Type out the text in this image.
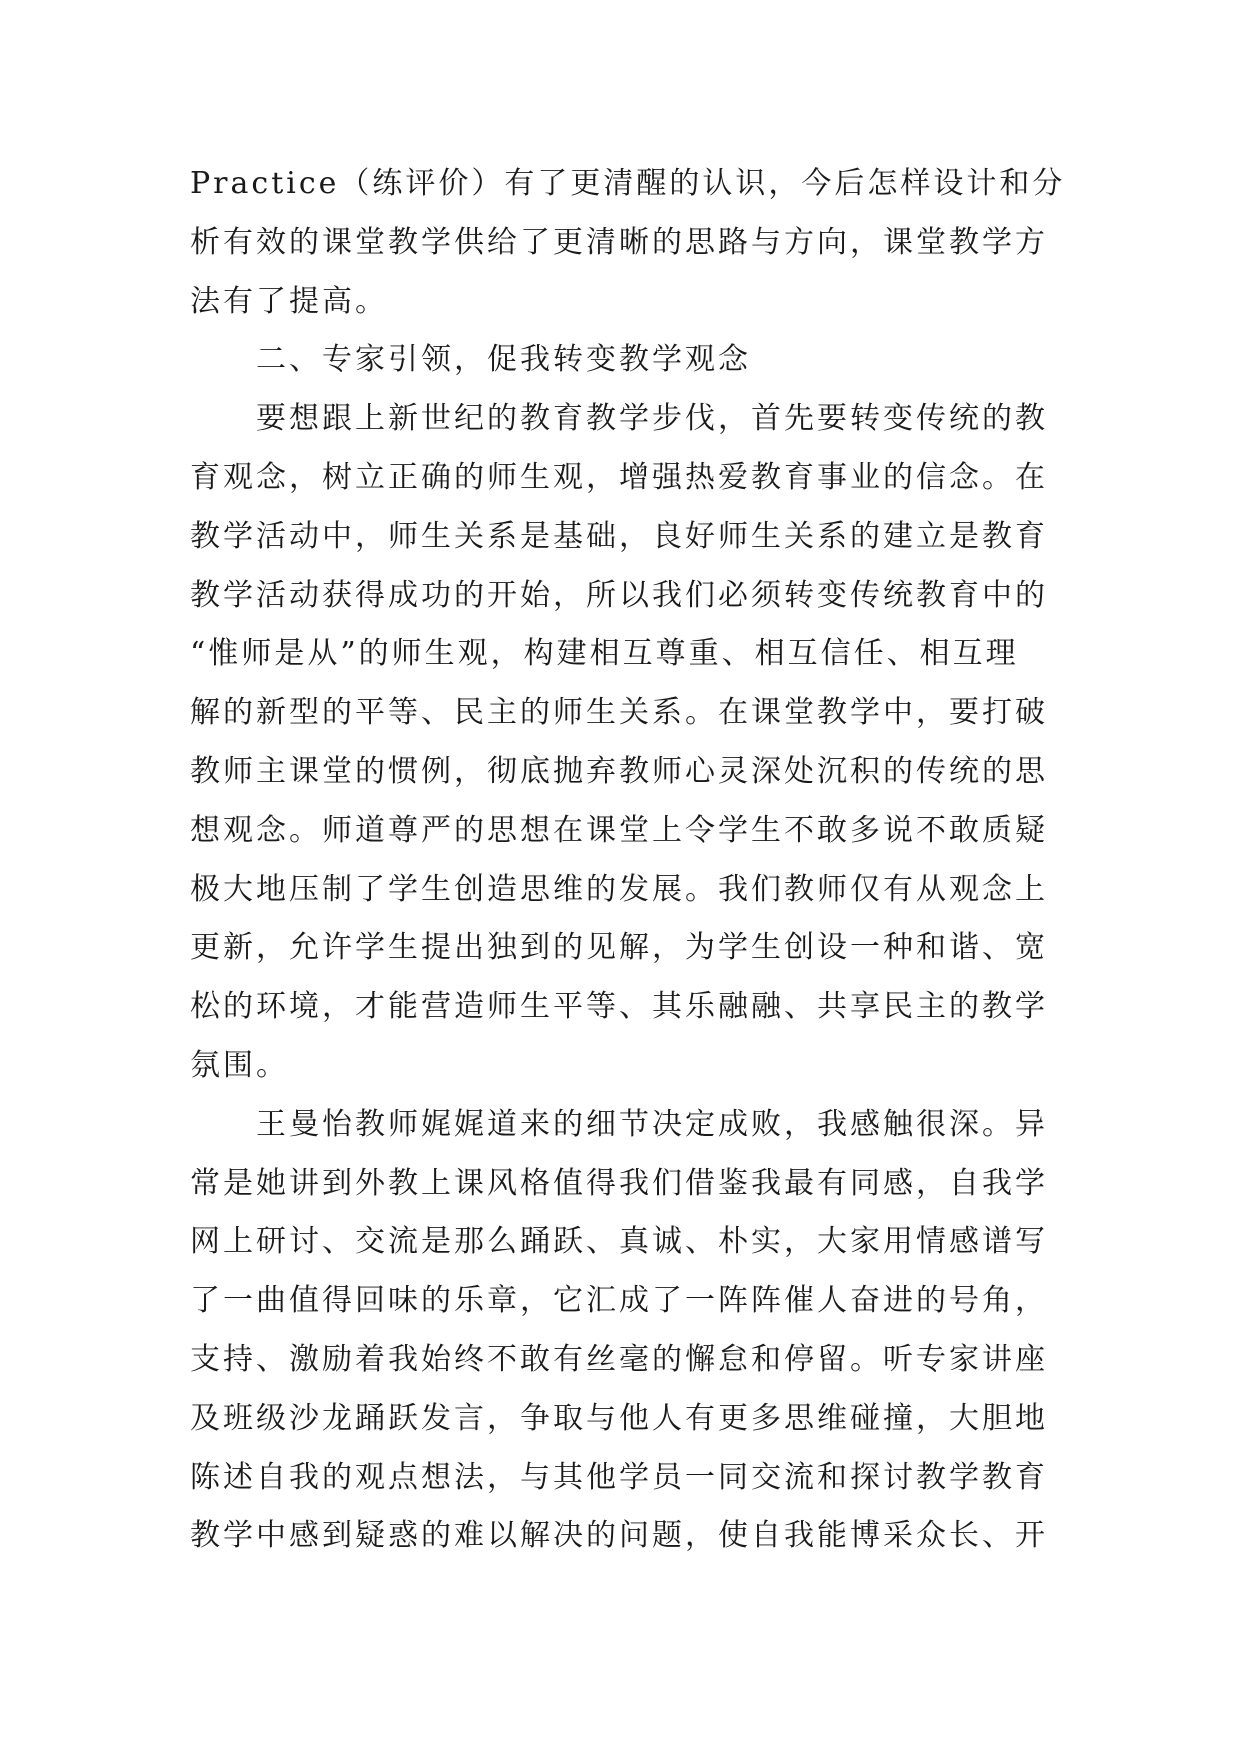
Practice（练评价）有了更清醒的认识，今后怎样设计和分
析有效的课堂教学供给了更清晰的思路与方向，课堂教学方
法有了提高。
二、专家引领，促我转变教学观念
要想跟上新世纪的教育教学步伐，首先要转变传统的教
育观念，树立正确的师生观，增强热爱教育事业的信念。在
教学活动中，师生关系是基础，良好师生关系的建立是教育
教学活动获得成功的开始，所以我们必须转变传统教育中的
“惟师是从”的师生观，构建相互尊重、相互信任、相互理
解的新型的平等、民主的师生关系。在课堂教学中，要打破
教师主课堂的惯例，彻底抛弃教师心灵深处沉积的传统的思
想观念。师道尊严的思想在课堂上令学生不敢多说不敢质疑
极大地压制了学生创造思维的发展。我们教师仅有从观念上
更新，允许学生提出独到的见解，为学生创设一种和谐、宽
松的环境，才能营造师生平等、其乐融融、共享民主的教学
氛围。
王曼怡教师娓娓道来的细节决定成败，我感触很深。异
常是她讲到外教上课风格值得我们借鉴我最有同感，自我学
网上研讨、交流是那么踊跃、真诚、朴实，大家用情感谱写
了一曲值得回味的乐章，它汇成了一阵阵催人奋进的号角，
支持、激励着我始终不敢有丝毫的懈怠和停留。听专家讲座
及班级沙龙踊跃发言，争取与他人有更多思维碰撞，大胆地
陈述自我的观点想法，与其他学员一同交流和探讨教学教育
教学中感到疑惑的难以解决的问题，使自我能博采众长、开
